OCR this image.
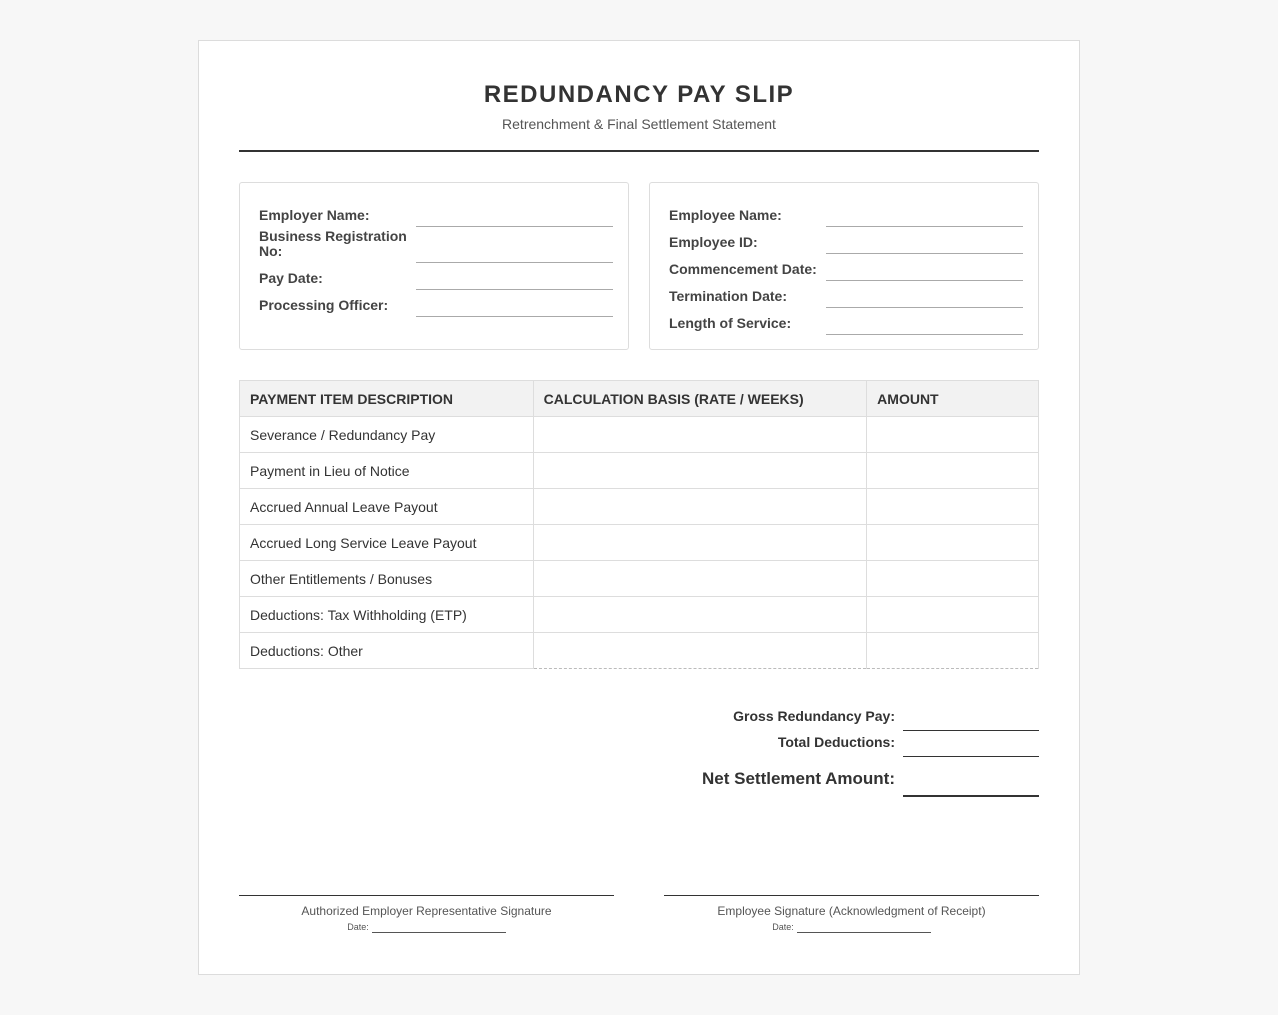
REDUNDANCY PAY SLIP
Retrenchment & Final Settlement Statement
Employer Name:
Business Registration No:
Pay Date:
Processing Officer:
Employee Name:
Employee ID:
Commencement Date:
Termination Date:
Length of Service:
PAYMENT ITEM DESCRIPTION	CALCULATION BASIS (RATE / WEEKS)	AMOUNT
Severance / Redundancy Pay		
Payment in Lieu of Notice		
Accrued Annual Leave Payout		
Accrued Long Service Leave Payout		
Other Entitlements / Bonuses		
Deductions: Tax Withholding (ETP)		
Deductions: Other		
Gross Redundancy Pay:
Total Deductions:
Net Settlement Amount:
Authorized Employer Representative Signature
Date:
Employee Signature (Acknowledgment of Receipt)
Date:
